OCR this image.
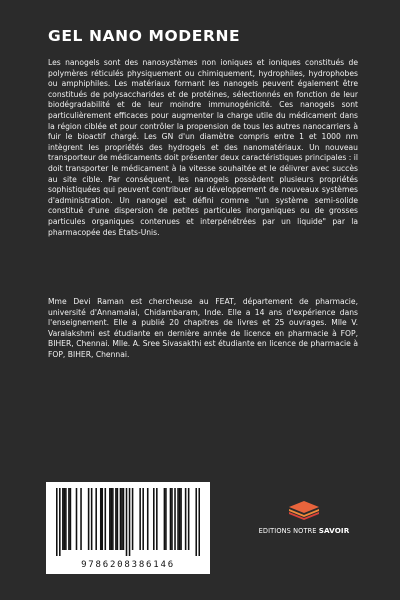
GEL NANO MODERNE

Les nanogels sont des nanosystèmes non ioniques et ioniques constitués de polymères réticulés physiquement ou chimiquement, hydrophiles, hydrophobes ou amphiphiles. Les matériaux formant les nanogels peuvent également être constitués de polysaccharides et de protéines, sélectionnés en fonction de leur biodégradabilité et de leur moindre immunogénicité. Ces nanogels sont particulièrement efficaces pour augmenter la charge utile du médicament dans la région ciblée et pour contrôler la propension de tous les autres nanocarriers à fuir le bioactif chargé. Les GN d'un diamètre compris entre 1 et 1000 nm intègrent les propriétés des hydrogels et des nanomatériaux. Un nouveau transporteur de médicaments doit présenter deux caractéristiques principales : il doit transporter le médicament à la vitesse souhaitée et le délivrer avec succès au site cible. Par conséquent, les nanogels possèdent plusieurs propriétés sophistiquées qui peuvent contribuer au développement de nouveaux systèmes d'administration. Un nanogel est défini comme "un système semi-solide constitué d'une dispersion de petites particules inorganiques ou de grosses particules organiques contenues et interpénétrées par un liquide" par la pharmacopée des États-Unis.

Mme Devi Raman est chercheuse au FEAT, département de pharmacie, université d'Annamalai, Chidambaram, Inde. Elle a 14 ans d'expérience dans l'enseignement. Elle a publié 20 chapitres de livres et 25 ouvrages. Mlle V. Varalakshmi est étudiante en dernière année de licence en pharmacie à FOP, BIHER, Chennai. Mlle. A. Sree Sivasakthi est étudiante en licence de pharmacie à FOP, BIHER, Chennai.

9786208386146
EDITIONS NOTRE SAVOIR
